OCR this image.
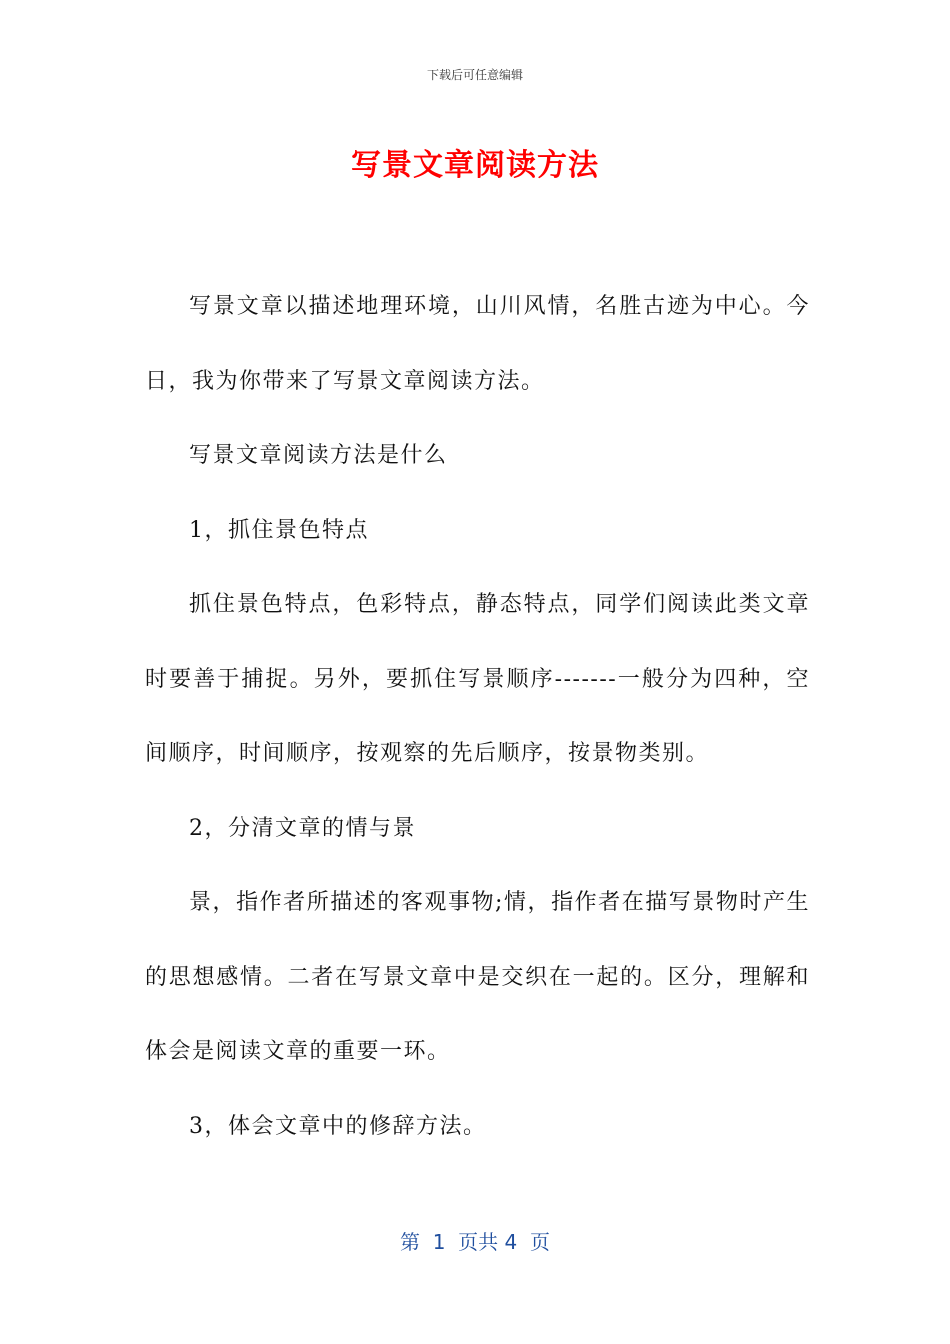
下载后可任意编辑
写景文章阅读方法

写景文章以描述地理环境，山川风情，名胜古迹为中心。今日，我为你带来了写景文章阅读方法。

写景文章阅读方法是什么

1，抓住景色特点

抓住景色特点，色彩特点，静态特点，同学们阅读此类文章时要善于捕捉。另外，要抓住写景顺序-------一般分为四种，空间顺序，时间顺序，按观察的先后顺序，按景物类别。

2，分清文章的情与景

景，指作者所描述的客观事物;情，指作者在描写景物时产生的思想感情。二者在写景文章中是交织在一起的。区分，理解和体会是阅读文章的重要一环。

3，体会文章中的修辞方法。

第  1  页共 4  页
